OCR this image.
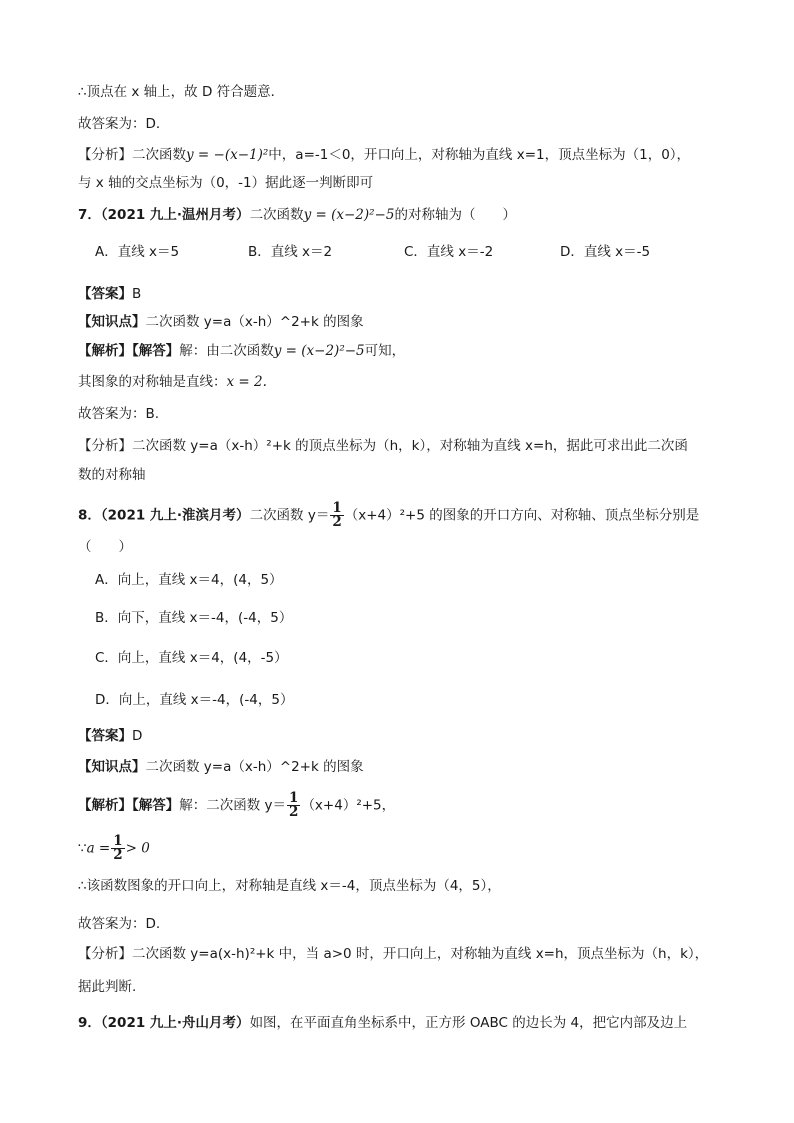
∴顶点在 x 轴上，故 D 符合题意．
故答案为：D．
【分析】二次函数y = −(x−1)²中，a=-1＜0，开口向上，对称轴为直线 x=1，顶点坐标为（1，0），
与 x 轴的交点坐标为（0，-1）据此逐一判断即可
7．（2021 九上·温州月考）二次函数y = (x−2)²−5的对称轴为（　　）
A．直线 x＝5	B．直线 x＝2	C．直线 x＝-2	D．直线 x＝-5
【答案】B
【知识点】二次函数 y=a（x-h）^2+k 的图象
【解析】【解答】解：由二次函数y = (x−2)²−5可知，
其图象的对称轴是直线：x = 2.
故答案为：B.
【分析】二次函数 y=a（x-h）²+k 的顶点坐标为（h，k），对称轴为直线 x=h，据此可求出此二次函
数的对称轴
8．（2021 九上·淮滨月考）二次函数 $y= \frac{1}{2} (x+4)^2+5$ 的图象的开口方向、对称轴、顶点坐标分别是
（　　）
A．向上，直线 x＝4，(4，5）
B．向下，直线 x＝-4，(-4，5）
C．向上，直线 x＝4，(4，-5）
D．向上，直线 x＝-4，(-4，5）
【答案】D
【知识点】二次函数 y=a（x-h）^2+k 的图象
【解析】【解答】解：二次函数 $y= \frac{1}{2} (x+4)^2+5$，
∵a = $\frac{1}{2} > 0$
∴该函数图象的开口向上，对称轴是直线 x＝-4，顶点坐标为（4，5），
故答案为：D.
【分析】二次函数 y=a(x-h)²+k 中，当 a>0 时，开口向上，对称轴为直线 x=h，顶点坐标为（h，k），
据此判断.
9．（2021 九上·舟山月考）如图，在平面直角坐标系中，正方形 OABC 的边长为 4，把它内部及边上
